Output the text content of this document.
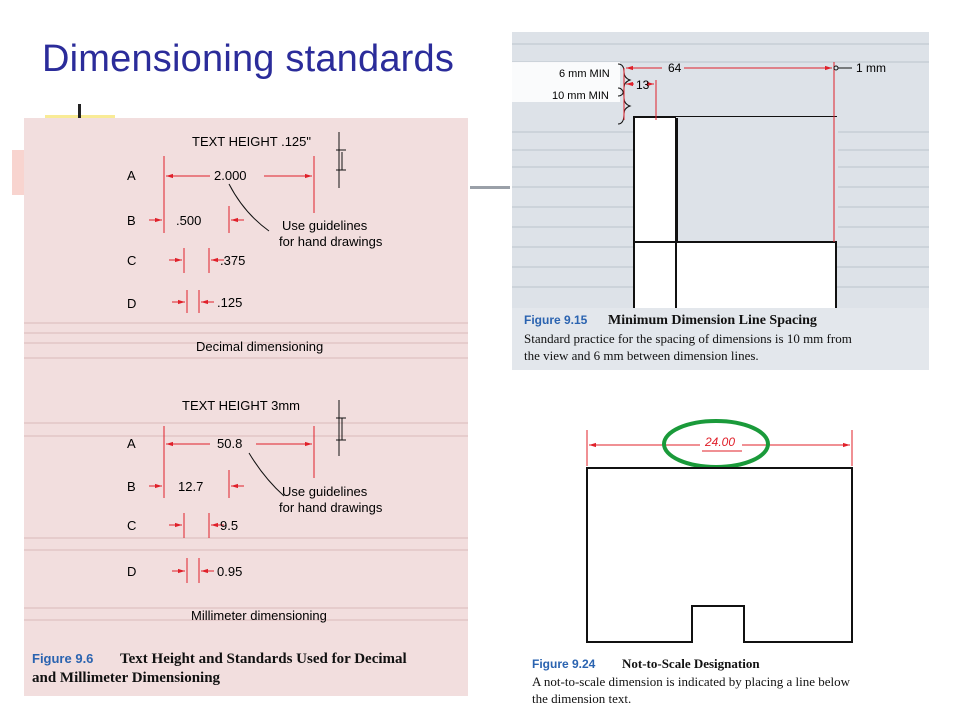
Dimensioning standards
TEXT HEIGHT .125"
A	2.000
B	.500
C	.375
D	.125
Use guidelines
for hand drawings
Decimal dimensioning
TEXT HEIGHT 3mm
A	50.8
B	12.7
C	9.5
D	0.95
Use guidelines
for hand drawings
Millimeter dimensioning
Figure 9.6 Text Height and Standards Used for Decimal
and Millimeter Dimensioning
6 mm MIN
10 mm MIN
64
13
1 mm
Figure 9.15 Minimum Dimension Line Spacing
Standard practice for the spacing of dimensions is 10 mm from
the view and 6 mm between dimension lines.
24.00
Figure 9.24 Not-to-Scale Designation
A not-to-scale dimension is indicated by placing a line below
the dimension text.
